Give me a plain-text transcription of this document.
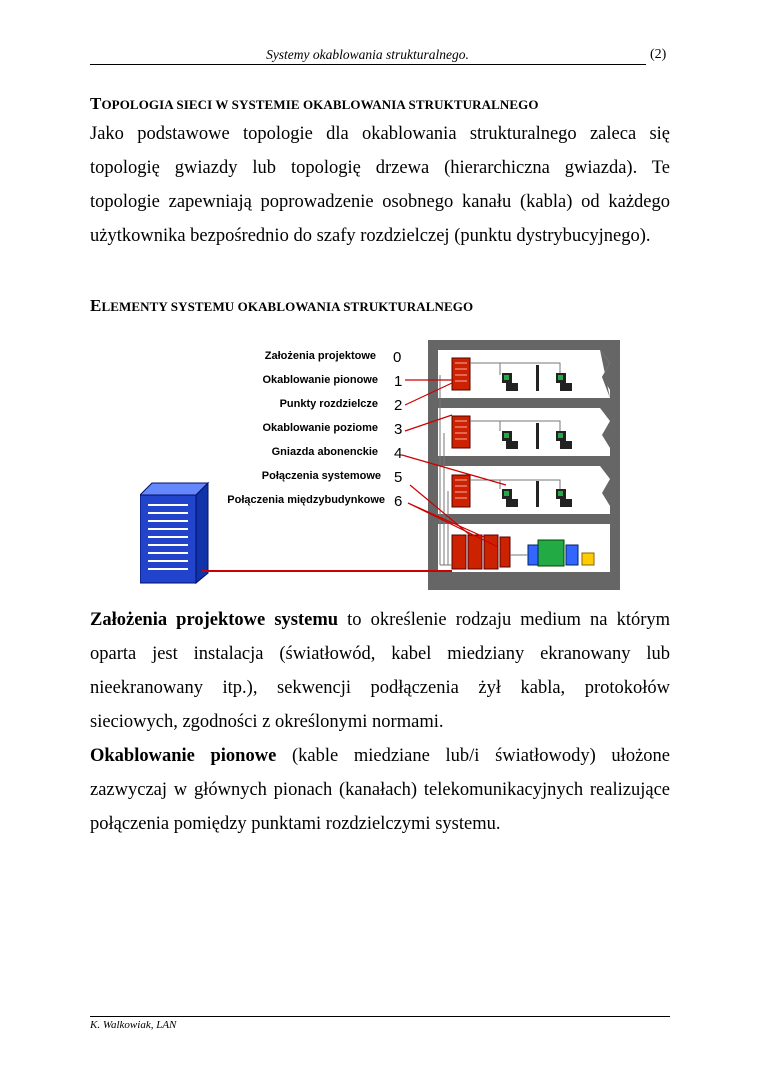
Systemy okablowania strukturalnego.	(2)
TOPOLOGIA SIECI W SYSTEMIE OKABLOWANIA STRUKTURALNEGO
Jako podstawowe topologie dla okablowania strukturalnego zaleca się topologię gwiazdy lub topologię drzewa (hierarchiczna gwiazda). Te topologie zapewniają poprowadzenie osobnego kanału (kabla) od każdego użytkownika bezpośrednio do szafy rozdzielczej (punktu dystrybucyjnego).
ELEMENTY SYSTEMU OKABLOWANIA STRUKTURALNEGO
Założenia projektowe
Okablowanie pionowe
Punkty rozdzielcze
Okablowanie poziome
Gniazda abonenckie
Połączenia systemowe
Połączenia międzybudynkowe
0
1
2
3
4
5
6
Założenia projektowe systemu to określenie rodzaju medium na którym oparta jest instalacja (światłowód, kabel miedziany ekranowany lub nieekranowany itp.), sekwencji podłączenia żył kabla, protokołów sieciowych, zgodności z określonymi normami.
Okablowanie pionowe (kable miedziane lub/i światłowody) ułożone zazwyczaj w głównych pionach (kanałach) telekomunikacyjnych realizujące połączenia pomiędzy punktami rozdzielczymi systemu.
K. Walkowiak, LAN
